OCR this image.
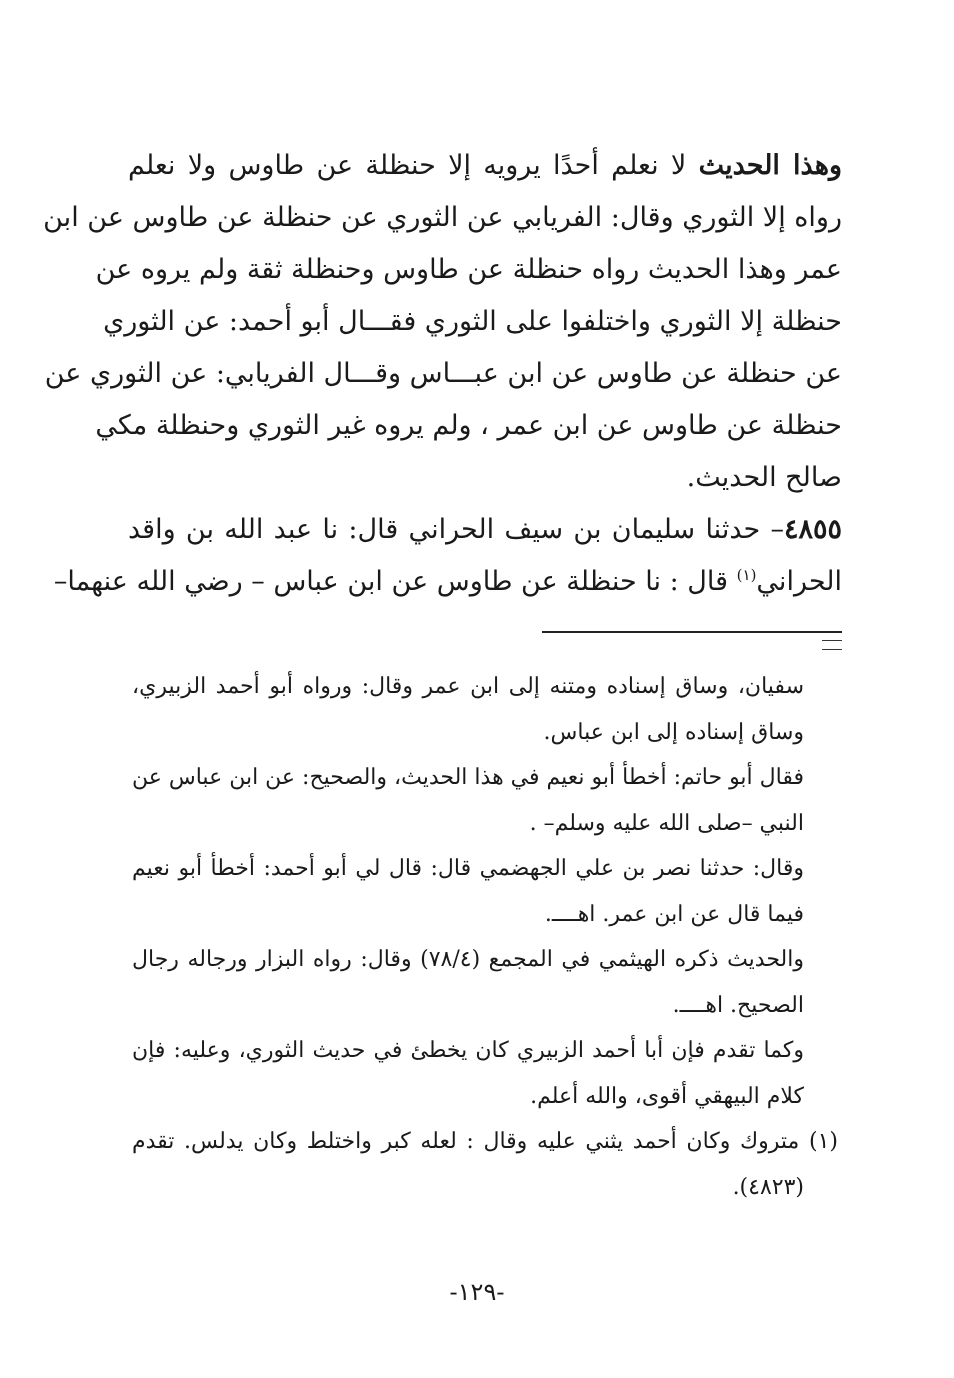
وهذا الحديث لا نعلم أحدًا يرويه إلا حنظلة عن طاوس ولا نعلم
رواه إلا الثوري وقال: الفريابي عن الثوري عن حنظلة عن طاوس عن ابن
عمر وهذا الحديث رواه حنظلة عن طاوس وحنظلة ثقة ولم يروه عن
حنظلة إلا الثوري واختلفوا على الثوري فقـــال أبو أحمد: عن الثوري
عن حنظلة عن طاوس عن ابن عبـــاس وقـــال الفريابي: عن الثوري عن
حنظلة عن طاوس عن ابن عمر ، ولم يروه غير الثوري وحنظلة مكي
صالح الحديث.
٤٨٥٥– حدثنا سليمان بن سيف الحراني قال: نا عبد الله بن واقد
الحراني$^{(١)}$ قال : نا حنظلة عن طاوس عن ابن عباس – رضي الله عنهما–
سفيان، وساق إسناده ومتنه إلى ابن عمر وقال: ورواه أبو أحمد الزبيري،
وساق إسناده إلى ابن عباس.
فقال أبو حاتم: أخطأ أبو نعيم في هذا الحديث، والصحيح: عن ابن عباس عن
النبي –صلى الله عليه وسلم– .
وقال: حدثنا نصر بن علي الجهضمي قال: قال لي أبو أحمد: أخطأ أبو نعيم
فيما قال عن ابن عمر. اهــــ.
والحديث ذكره الهيثمي في المجمع (٧٨/٤) وقال: رواه البزار ورجاله رجال
الصحيح. اهــــ.
وكما تقدم فإن أبا أحمد الزبيري كان يخطئ في حديث الثوري، وعليه: فإن
كلام البيهقي أقوى، والله أعلم.
(١) متروك وكان أحمد يثني عليه وقال : لعله كبر واختلط وكان يدلس. تقدم
(٤٨٢٣).
-١٢٩-
